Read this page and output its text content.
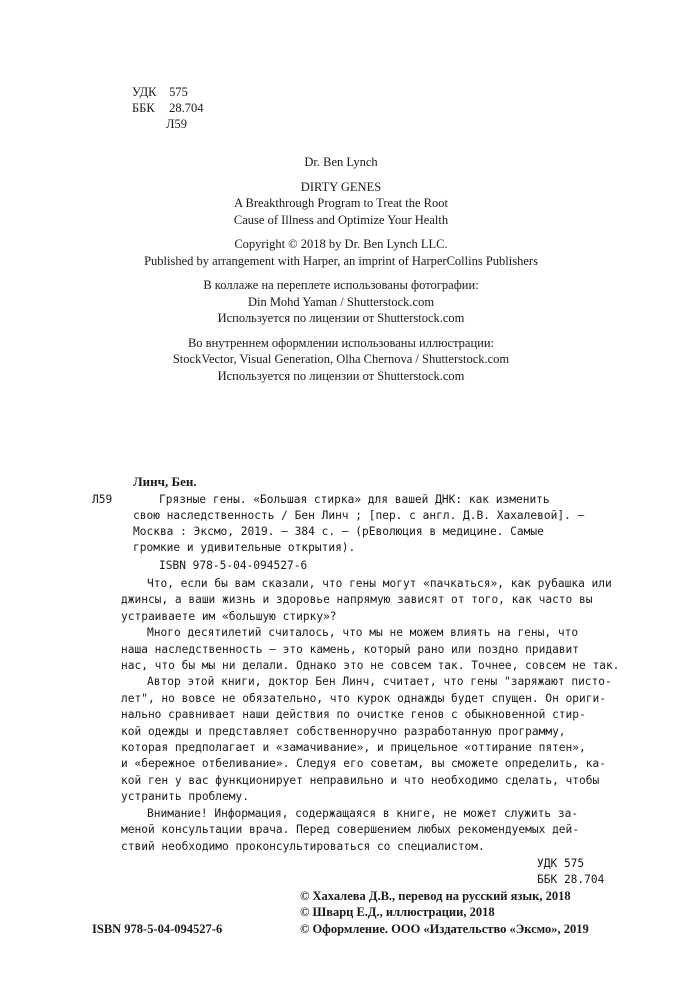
УДК 575
ББК 28.704
Л59
Dr. Ben Lynch
DIRTY GENES
A Breakthrough Program to Treat the Root
Cause of Illness and Optimize Your Health
Copyright © 2018 by Dr. Ben Lynch LLC.
Published by arrangement with Harper, an imprint of HarperCollins Publishers
В коллаже на переплете использованы фотографии:
Din Mohd Yaman / Shutterstock.com
Используется по лицензии от Shutterstock.com
Во внутреннем оформлении использованы иллюстрации:
StockVector, Visual Generation, Olha Chernova / Shutterstock.com
Используется по лицензии от Shutterstock.com
Линч, Бен.
Л59	Грязные гены. «Большая стирка» для вашей ДНК: как изменить
свою наследственность / Бен Линч ; [пер. с англ. Д.В. Хахалевой]. —
Москва : Эксмо, 2019. — 384 с. — (рЕволюция в медицине. Самые
громкие и удивительные открытия).
ISBN 978-5-04-094527-6
Что, если бы вам сказали, что гены могут «пачкаться», как рубашка или
джинсы, а ваши жизнь и здоровье напрямую зависят от того, как часто вы
устраиваете им «большую стирку»?
Много десятилетий считалось, что мы не можем влиять на гены, что
наша наследственность — это камень, который рано или поздно придавит
нас, что бы мы ни делали. Однако это не совсем так. Точнее, совсем не так.
Автор этой книги, доктор Бен Линч, считает, что гены "заряжают писто-
лет", но вовсе не обязательно, что курок однажды будет спущен. Он ориги-
нально сравнивает наши действия по очистке генов с обыкновенной стир-
кой одежды и представляет собственноручно разработанную программу,
которая предполагает и «замачивание», и прицельное «оттирание пятен»,
и «бережное отбеливание». Следуя его советам, вы сможете определить, ка-
кой ген у вас функционирует неправильно и что необходимо сделать, чтобы
устранить проблему.
Внимание! Информация, содержащаяся в книге, не может служить за-
меной консультации врача. Перед совершением любых рекомендуемых дей-
ствий необходимо проконсультироваться со специалистом.
УДК 575
ББК 28.704
ISBN 978-5-04-094527-6
© Хахалева Д.В., перевод на русский язык, 2018
© Шварц Е.Д., иллюстрации, 2018
© Оформление. ООО «Издательство «Эксмо», 2019
